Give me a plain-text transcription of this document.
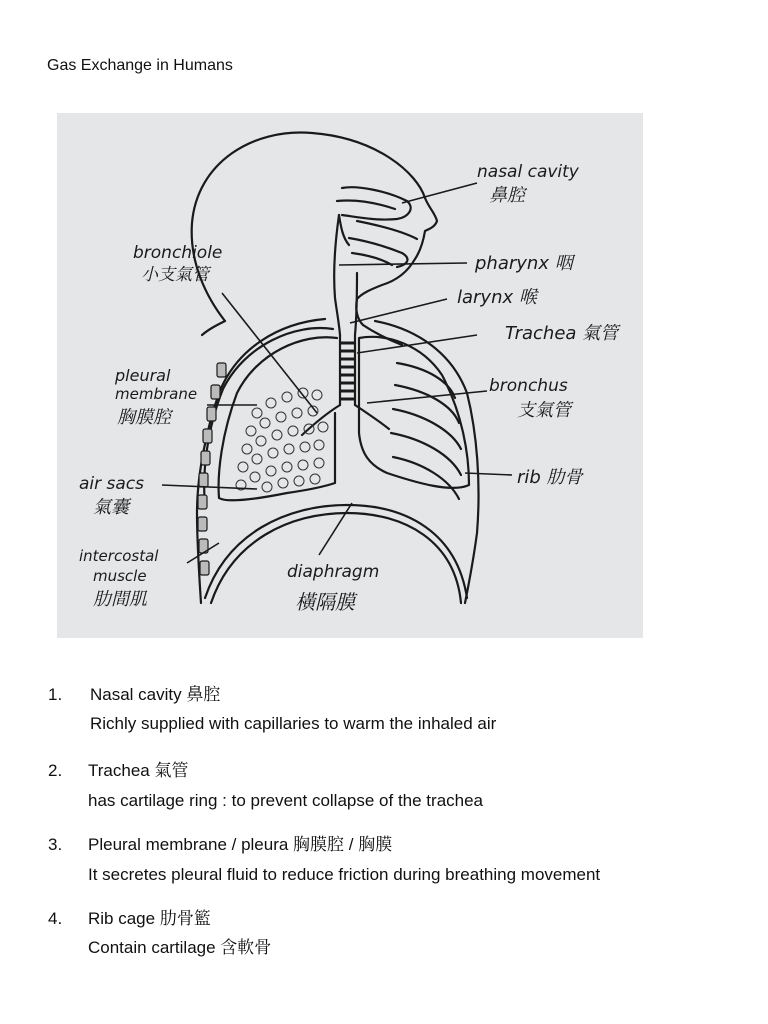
Gas Exchange in Humans
nasal cavity
鼻腔
bronchiole
小支氣管
pharynx 咽
larynx 喉
Trachea 氣管
pleural
membrane
胸膜腔
bronchus
支氣管
air sacs
氣囊
rib 肋骨
intercostal
muscle
肋間肌
diaphragm
橫隔膜
1. Nasal cavity 鼻腔
Richly supplied with capillaries to warm the inhaled air
2. Trachea 氣管
has cartilage ring : to prevent collapse of the trachea
3. Pleural membrane / pleura 胸膜腔 / 胸膜
It secretes pleural fluid to reduce friction during breathing movement
4. Rib cage 肋骨籃
Contain cartilage 含軟骨
